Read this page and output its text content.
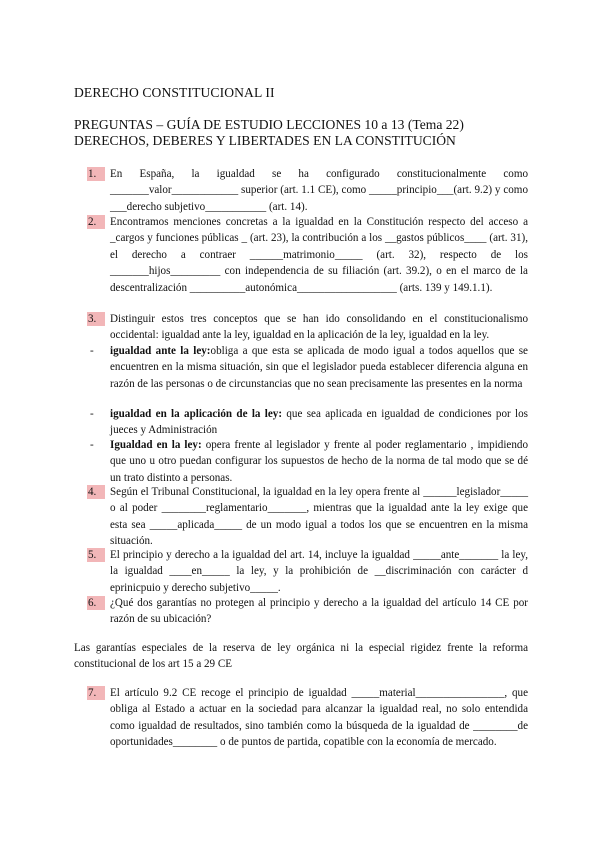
DERECHO CONSTITUCIONAL II
PREGUNTAS – GUÍA DE ESTUDIO LECCIONES 10 a 13 (Tema 22)
DERECHOS, DEBERES Y LIBERTADES EN LA CONSTITUCIÓN
1.	En España, la igualdad se ha configurado constitucionalmente como _______valor____________ superior (art. 1.1 CE), como _____principio___(art. 9.2) y como ___derecho subjetivo___________ (art. 14).
2.	Encontramos menciones concretas a la igualdad en la Constitución respecto del acceso a _cargos y funciones públicas _ (art. 23), la contribución a los __gastos públicos____ (art. 31), el derecho a contraer ______matrimonio_____ (art. 32), respecto de los _______hijos_________ con independencia de su filiación (art. 39.2), o en el marco de la descentralización __________autonómica__________________ (arts. 139 y 149.1.1).
3.	Distinguir estos tres conceptos que se han ido consolidando en el constitucionalismo occidental: igualdad ante la ley, igualdad en la aplicación de la ley, igualdad en la ley.
-	igualdad ante la ley:obliga a que esta se aplicada de modo igual a todos aquellos que se encuentren en la misma situación, sin que el legislador pueda establecer diferencia alguna en razón de las personas o de circunstancias que no sean precisamente las presentes en la norma
-	igualdad en la aplicación de la ley: que sea aplicada en igualdad de condiciones por los jueces y Administración
-	Igualdad en la ley: opera frente al legislador y frente al poder reglamentario , impidiendo que uno u otro puedan configurar los supuestos de hecho de la norma de tal modo que se dé un trato distinto a personas.
4.	Según el Tribunal Constitucional, la igualdad en la ley opera frente al ______legislador_____ o al poder ________reglamentario_______, mientras que la igualdad ante la ley exige que esta sea _____aplicada_____ de un modo igual a todos los que se encuentren en la misma situación.
5.	El principio y derecho a la igualdad del art. 14, incluye la igualdad _____ante_______ la ley, la igualdad ____en_____ la ley, y la prohibición de __discriminación con carácter d eprinicpuio y derecho subjetivo_____.
6.	¿Qué dos garantías no protegen al principio y derecho a la igualdad del artículo 14 CE por razón de su ubicación?
Las garantías especiales de la reserva de ley orgánica ni la especial rigidez frente la reforma constitucional de los art 15 a 29 CE
7.	El artículo 9.2 CE recoge el principio de igualdad _____material________________, que obliga al Estado a actuar en la sociedad para alcanzar la igualdad real, no solo entendida como igualdad de resultados, sino también como la búsqueda de la igualdad de ________de oportunidades________ o de puntos de partida, copatible con la economía de mercado.
